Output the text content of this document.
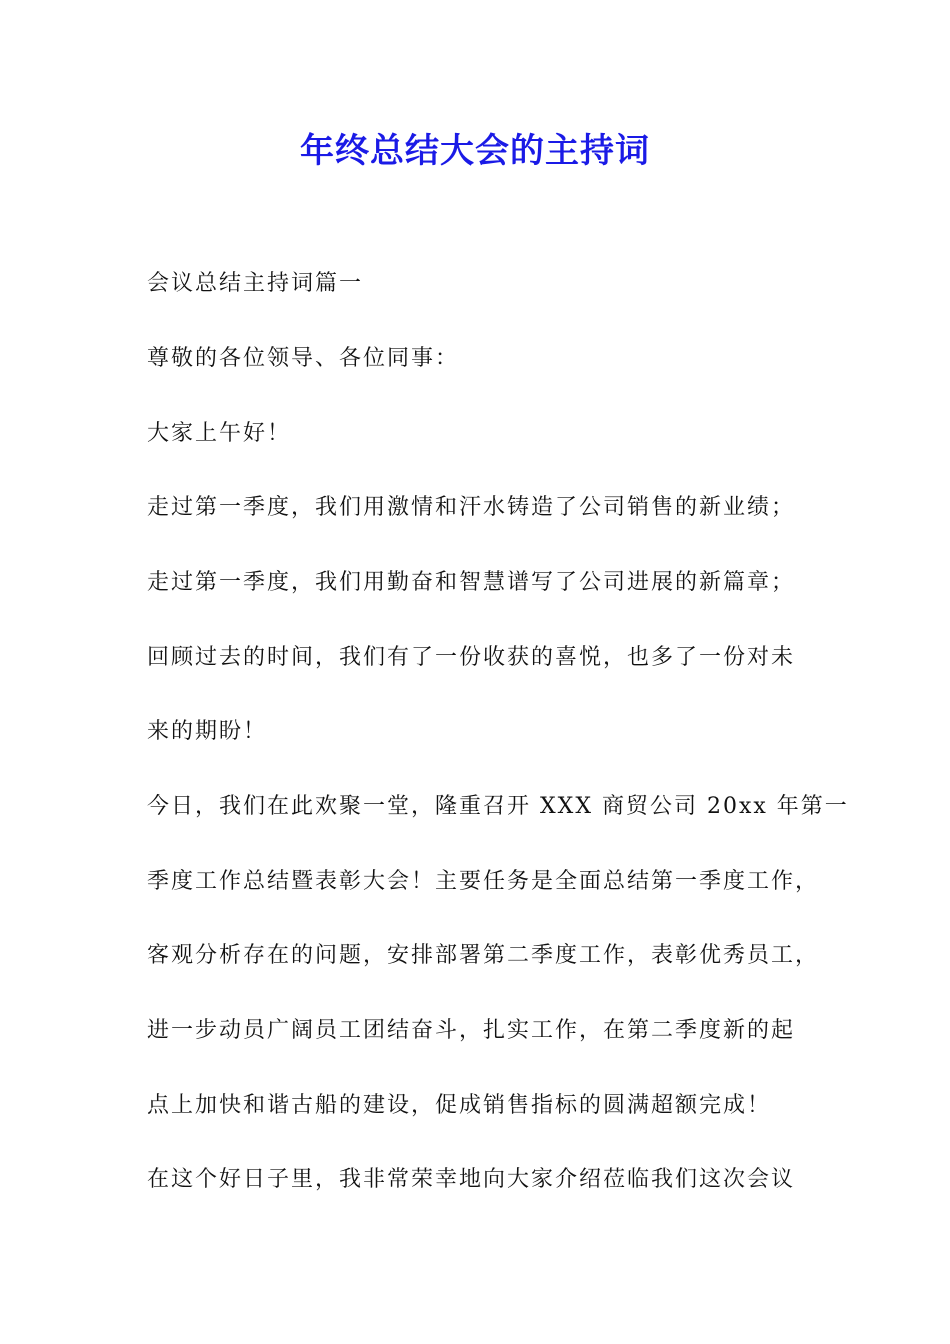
年终总结大会的主持词

会议总结主持词篇一

尊敬的各位领导、各位同事：

大家上午好！

走过第一季度，我们用激情和汗水铸造了公司销售的新业绩；

走过第一季度，我们用勤奋和智慧谱写了公司进展的新篇章；

回顾过去的时间，我们有了一份收获的喜悦，也多了一份对未

来的期盼！

今日，我们在此欢聚一堂，隆重召开 XXX 商贸公司 20xx 年第一

季度工作总结暨表彰大会！主要任务是全面总结第一季度工作，

客观分析存在的问题，安排部署第二季度工作，表彰优秀员工，

进一步动员广阔员工团结奋斗，扎实工作，在第二季度新的起

点上加快和谐古船的建设，促成销售指标的圆满超额完成！

在这个好日子里，我非常荣幸地向大家介绍莅临我们这次会议
